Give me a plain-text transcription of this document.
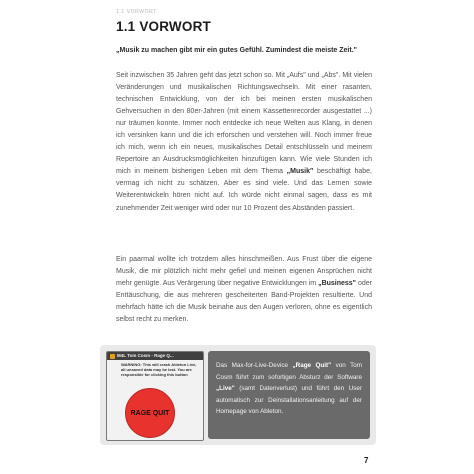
1.1 VORWORT
1.1 VORWORT
„Musik zu machen gibt mir ein gutes Gefühl. Zumindest die meiste Zeit."
Seit inzwischen 35 Jahren geht das jetzt schon so. Mit „Aufs" und „Abs". Mit vielen Veränderungen und musikalischen Richtungswechseln. Mit einer rasanten, technischen Entwicklung, von der ich bei meinen ersten musikalischen Gehversuchen in den 80er-Jahren (mit einem Kassettenrecorder ausgestattet ...) nur träumen konnte. Immer noch entdecke ich neue Welten aus Klang, in denen ich versinken kann und die ich erforschen und verstehen will. Noch immer freue ich mich, wenn ich ein neues, musikalisches Detail entschlüsseln und meinem Repertoire an Ausdrucksmöglichkeiten hinzufügen kann. Wie viele Stunden ich mich in meinem bisherigen Leben mit dem Thema „Musik" beschäftigt habe, vermag ich nicht zu schätzen. Aber es sind viele. Und das Lernen sowie Weiterentwickeln hören nicht auf. Ich würde nicht einmal sagen, dass es mit zunehmender Zeit weniger wird oder nur 10 Prozent des Abständen passiert.
Ein paarmal wollte ich trotzdem alles hinschmeißen. Aus Frust über die eigene Musik, die mir plötzlich nicht mehr gefiel und meinen eigenen Ansprüchen nicht mehr genügte. Aus Verärgerung über negative Entwicklungen im „Business" oder Enttäuschung, die aus mehreren gescheiterten Band-Projekten resultierte. Und mehrfach hätte ich die Musik beinahe aus den Augen verloren, ohne es eigentlich selbst recht zu merken.
M4L Tom Cosm - Rage Q...
WARNING: This will crash Ableton Live, all unsaved data may be lost. You are responsible for clicking this button
RAGE QUIT
Das Max-for-Live-Device „Rage Quit" von Tom Cosm führt zum sofortigen Absturz der Software „Live" (samt Datenverlust) und führt den User automatisch zur Deinstallationsanleitung auf der Homepage von Ableton.
7
